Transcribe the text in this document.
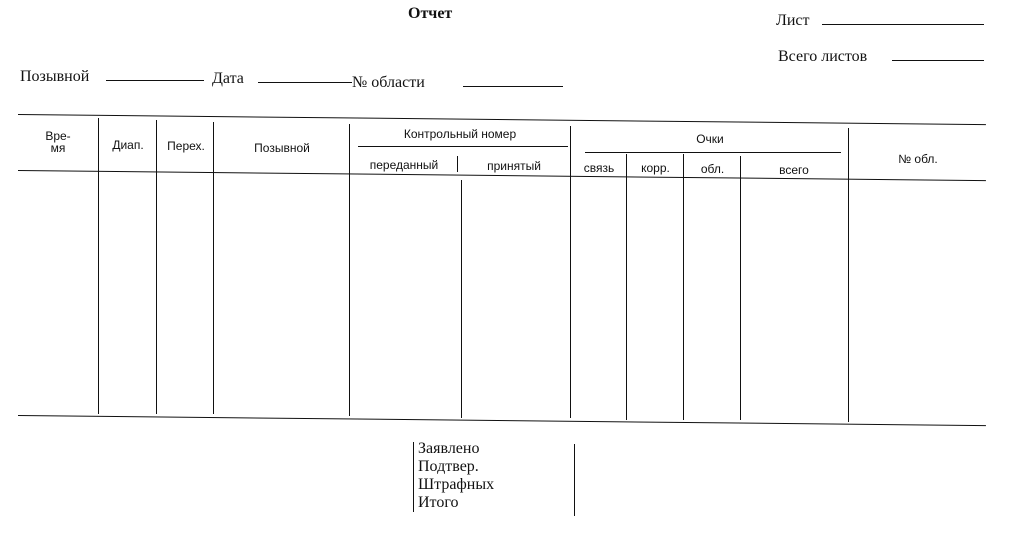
Отчет	Лист
Всего листов
Позывной	Дата	№ области
Вре-
мя	Диап.	Перех.	Позывной
Контрольный номер
переданный	принятый
Очки
связь	корр.	обл.	всего
№ обл.
Заявлено
Подтвер.
Штрафных
Итого
